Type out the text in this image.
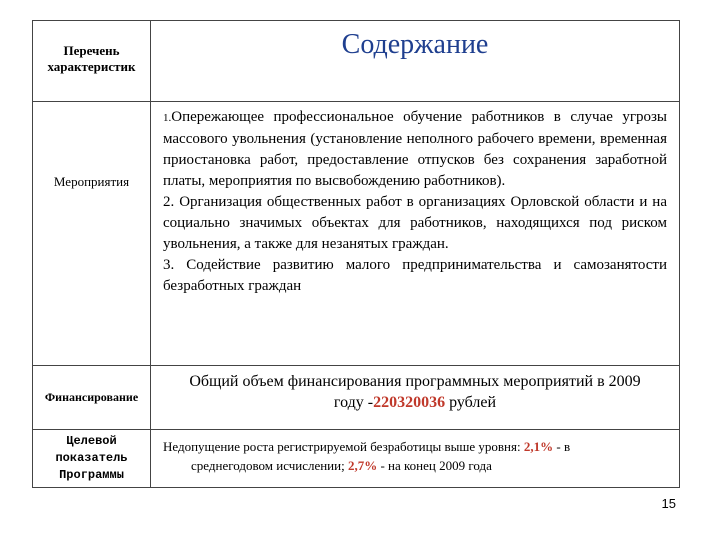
Перечень
характеристик
Содержание
Мероприятия
1.Опережающее профессиональное обучение работников в случае угрозы массового увольнения (установление неполного рабочего времени, временная приостановка работ, предоставление отпусков без сохранения заработной платы, мероприятия по высвобождению работников).
2. Организация общественных работ в организациях Орловской области и на социально значимых объектах для работников, находящихся под риском увольнения, а также для незанятых граждан.
3. Содействие развитию малого предпринимательства и самозанятости безработных граждан
Финансирование
Общий объем финансирования программных мероприятий в 2009
году -220320036 рублей
Целевой
показатель
Программы
Недопущение роста регистрируемой безработицы выше уровня: 2,1% - в
среднегодовом исчислении; 2,7% - на конец 2009 года
15
